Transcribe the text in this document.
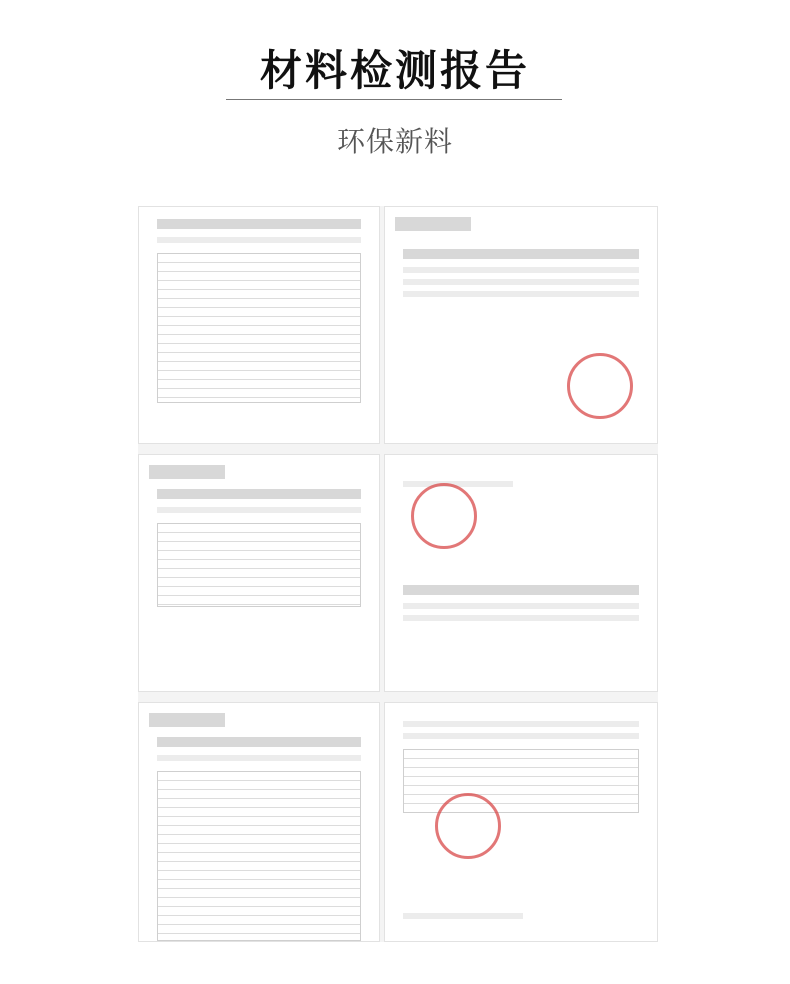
材料检测报告
环保新料
